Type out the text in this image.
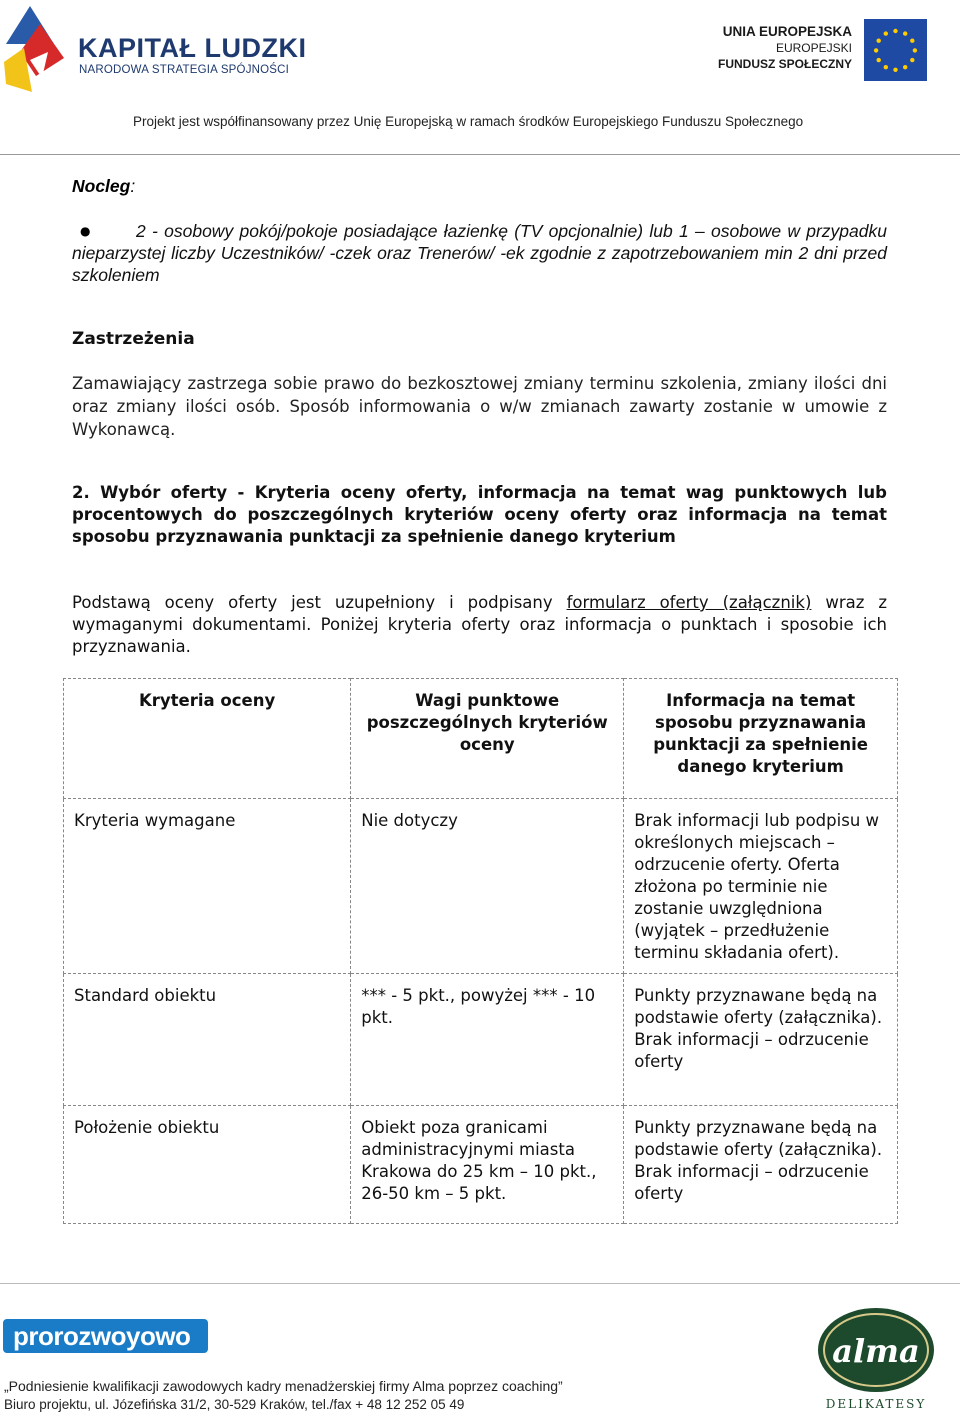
KAPITAŁ LUDZKI
NARODOWA STRATEGIA SPÓJNOŚCI
UNIA EUROPEJSKA
EUROPEJSKI
FUNDUSZ SPOŁECZNY
Projekt jest współfinansowany przez Unię Europejską w ramach środków Europejskiego Funduszu Społecznego
Nocleg:
●	2 - osobowy pokój/pokoje posiadające łazienkę (TV opcjonalnie) lub 1 – osobowe w przypadku nieparzystej liczby Uczestników/ -czek oraz Trenerów/ -ek zgodnie z zapotrzebowaniem min 2 dni przed szkoleniem
Zastrzeżenia
Zamawiający zastrzega sobie prawo do bezkosztowej zmiany terminu szkolenia, zmiany ilości dni oraz zmiany ilości osób. Sposób informowania o w/w zmianach zawarty zostanie w umowie z Wykonawcą.
2. Wybór oferty - Kryteria oceny oferty, informacja na temat wag punktowych lub procentowych do poszczególnych kryteriów oceny oferty oraz informacja na temat sposobu przyznawania punktacji za spełnienie danego kryterium
Podstawą oceny oferty jest uzupełniony i podpisany formularz oferty (załącznik) wraz z wymaganymi dokumentami. Poniżej kryteria oferty oraz informacja o punktach i sposobie ich przyznawania.
Kryteria oceny	Wagi punktowe poszczególnych kryteriów oceny	Informacja na temat sposobu przyznawania punktacji za spełnienie danego kryterium
Kryteria wymagane	Nie dotyczy	Brak informacji lub podpisu w określonych miejscach – odrzucenie oferty. Oferta złożona po terminie nie zostanie uwzględniona (wyjątek – przedłużenie terminu składania ofert).
Standard obiektu	*** - 5 pkt., powyżej *** - 10 pkt.	Punkty przyznawane będą na podstawie oferty (załącznika). Brak informacji – odrzucenie oferty
Położenie obiektu	Obiekt poza granicami administracyjnymi miasta Krakowa do 25 km – 10 pkt., 26-50 km – 5 pkt.	Punkty przyznawane będą na podstawie oferty (załącznika). Brak informacji – odrzucenie oferty
prorozwoyowo
„Podniesienie kwalifikacji zawodowych kadry menadżerskiej firmy Alma poprzez coaching”
Biuro projektu, ul. Józefińska 31/2, 30-529 Kraków, tel./fax + 48 12 252 05 49
alma
DELIKATESY
